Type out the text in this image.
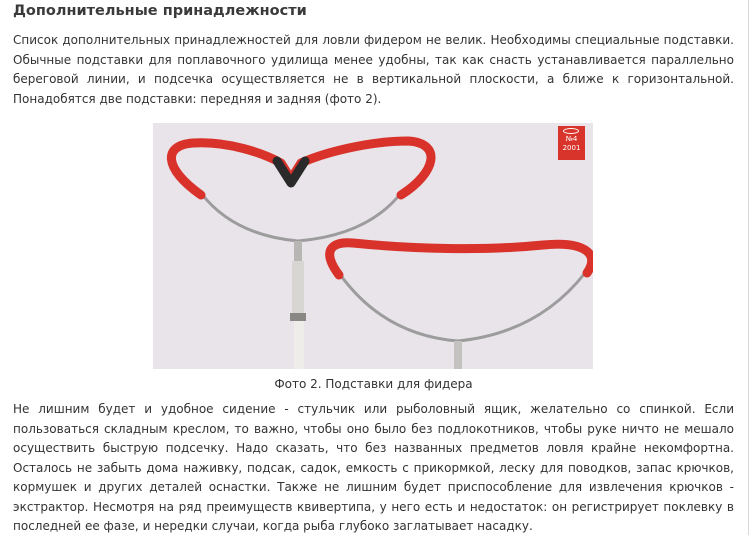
Дополнительные принадлежности

Список дополнительных принадлежностей для ловли фидером не велик. Необходимы специальные подставки. Обычные подставки для поплавочного удилища менее удобны, так как снасть устанавливается параллельно береговой линии, и подсечка осуществляется не в вертикальной плоскости, а ближе к горизонтальной. Понадобятся две подставки: передняя и задняя (фото 2).

№4
2001
Фото 2. Подставки для фидера

Не лишним будет и удобное сидение - стульчик или рыболовный ящик, желательно со спинкой. Если пользоваться складным креслом, то важно, чтобы оно было без подлокотников, чтобы руке ничто не мешало осуществить быструю подсечку. Надо сказать, что без названных предметов ловля крайне некомфортна. Осталось не забыть дома наживку, подсак, садок, емкость с прикормкой, леску для поводков, запас крючков, кормушек и других деталей оснастки. Также не лишним будет приспособление для извлечения крючков - экстрактор. Несмотря на ряд преимуществ квивертипа, у него есть и недостаток: он регистрирует поклевку в последней ее фазе, и нередки случаи, когда рыба глубоко заглатывает насадку.
